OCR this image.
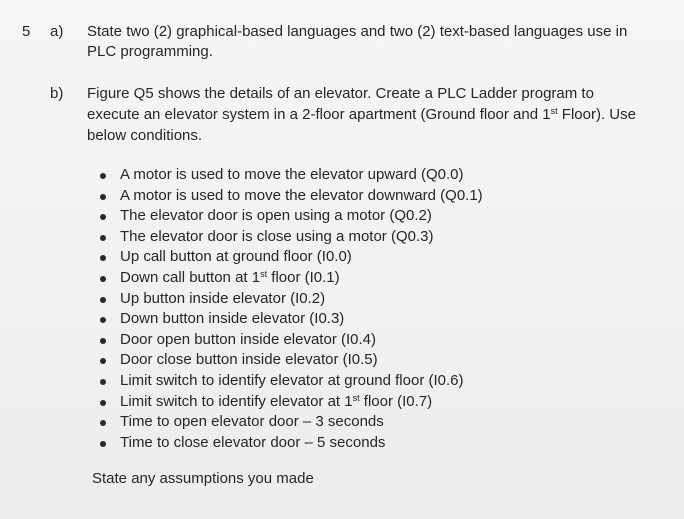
5 a) State two (2) graphical-based languages and two (2) text-based languages use in

PLC programming.

b) Figure Q5 shows the details of an elevator. Create a PLC Ladder program to

execute an elevator system in a 2-floor apartment (Ground floor and 1st Floor). Use

below conditions.

A motor is used to move the elevator upward (Q0.0)
A motor is used to move the elevator downward (Q0.1)
The elevator door is open using a motor (Q0.2)
The elevator door is close using a motor (Q0.3)
Up call button at ground floor (I0.0)
Down call button at 1st floor (I0.1)
Up button inside elevator (I0.2)
Down button inside elevator (I0.3)
Door open button inside elevator (I0.4)
Door close button inside elevator (I0.5)
Limit switch to identify elevator at ground floor (I0.6)
Limit switch to identify elevator at 1st floor (I0.7)
Time to open elevator door – 3 seconds
Time to close elevator door – 5 seconds
State any assumptions you made
